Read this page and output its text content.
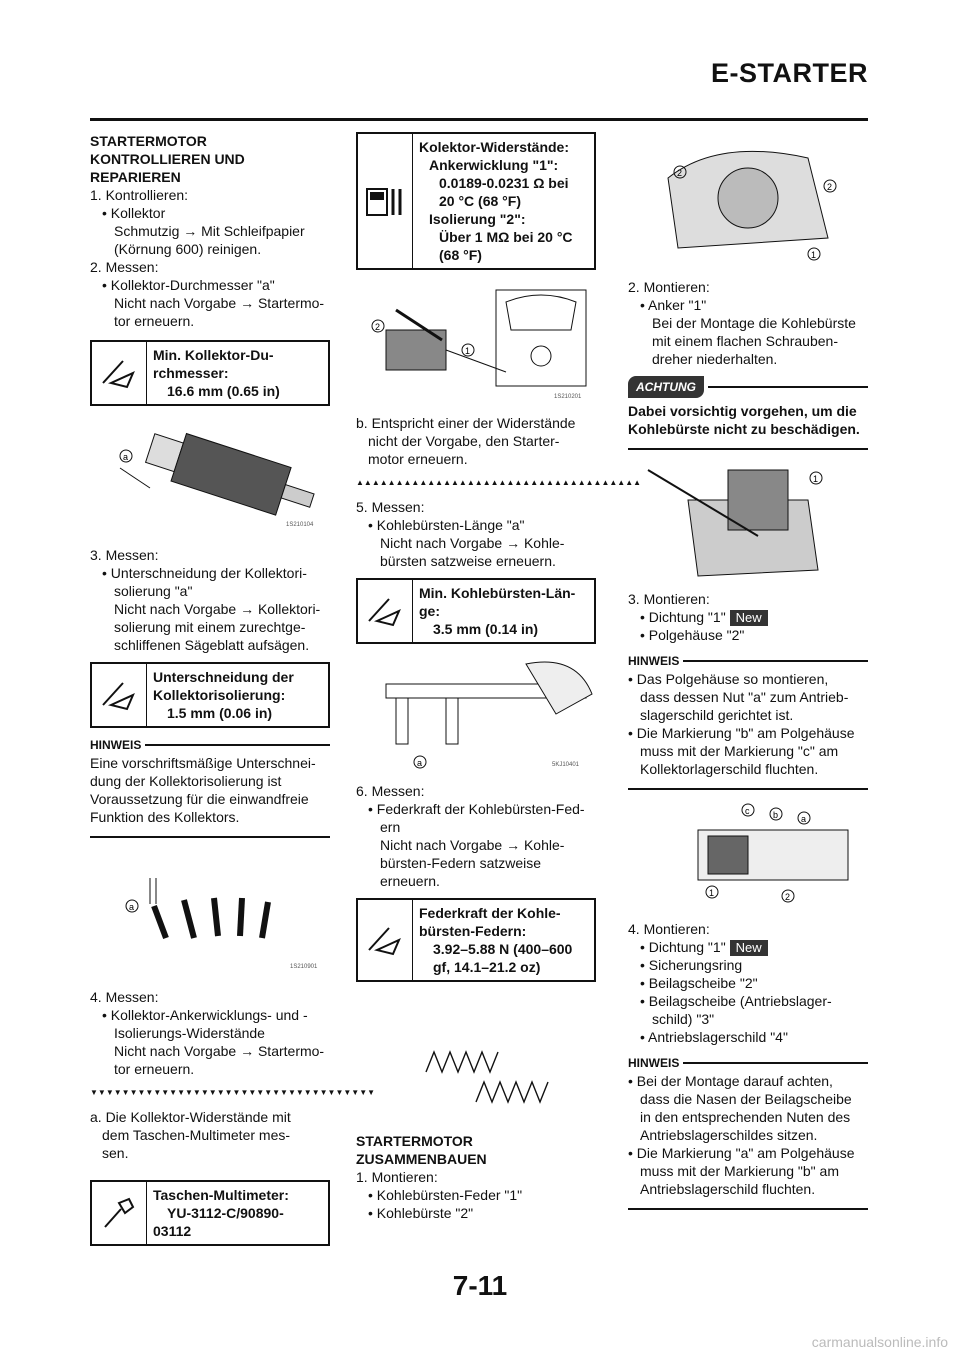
E-STARTER
STARTERMOTOR
KONTROLLIEREN UND
REPARIEREN
1. Kontrollieren:
• Kollektor
Schmutzig → Mit Schleifpapier
(Körnung 600) reinigen.
2. Messen:
• Kollektor-Durchmesser "a"
Nicht nach Vorgabe → Startermo-
tor erneuern.
Min. Kollektor-Du-
rchmesser:
16.6 mm (0.65 in)
a
1S210104
3. Messen:
• Unterschneidung der Kollektori-
solierung "a"
Nicht nach Vorgabe → Kollektori-
solierung mit einem zurechtge-
schliffenen Sägeblatt aufsägen.
Unterschneidung der
Kollektorisolierung:
1.5 mm (0.06 in)
HINWEIS
Eine vorschriftsmäßige Unterschnei-
dung der Kollektorisolierung ist
Voraussetzung für die einwandfreie
Funktion des Kollektors.
a
1S210901
4. Messen:
• Kollektor-Ankerwicklungs- und -
Isolierungs-Widerstände
Nicht nach Vorgabe → Startermo-
tor erneuern.
▼▼▼▼▼▼▼▼▼▼▼▼▼▼▼▼▼▼▼▼▼▼▼▼▼▼▼▼▼▼▼▼▼▼▼▼
a. Die Kollektor-Widerstände mit
dem Taschen-Multimeter mes-
sen.
Taschen-Multimeter:
YU-3112-C/90890-
03112
Kolektor-Widerstände:
Ankerwicklung "1":
0.0189-0.0231 Ω bei
20 °C (68 °F)
Isolierung "2":
Über 1 MΩ bei 20 °C
(68 °F)
2
1
1S210201
b. Entspricht einer der Widerstände
nicht der Vorgabe, den Starter-
motor erneuern.
▲▲▲▲▲▲▲▲▲▲▲▲▲▲▲▲▲▲▲▲▲▲▲▲▲▲▲▲▲▲▲▲▲▲▲▲
5. Messen:
• Kohlebürsten-Länge "a"
Nicht nach Vorgabe → Kohle-
bürsten satzweise erneuern.
Min. Kohlebürsten-Län-
ge:
3.5 mm (0.14 in)
a	5KJ10401
6. Messen:
• Federkraft der Kohlebürsten-Fed-
ern
Nicht nach Vorgabe → Kohle-
bürsten-Federn satzweise
erneuern.
Federkraft der Kohle-
bürsten-Federn:
3.92–5.88 N (400–600
gf, 14.1–21.2 oz)
STARTERMOTOR
ZUSAMMENBAUEN
1. Montieren:
• Kohlebürsten-Feder "1"
• Kohlebürste "2"
2
2
1
2. Montieren:
• Anker "1"
Bei der Montage die Kohlebürste
mit einem flachen Schrauben-
dreher niederhalten.
ACHTUNG
Dabei vorsichtig vorgehen, um die
Kohlebürste nicht zu beschädigen.
1
3. Montieren:
• Dichtung "1" New
• Polgehäuse "2"
HINWEIS
• Das Polgehäuse so montieren,
dass dessen Nut "a" zum Antrieb-
slagerschild gerichtet ist.
• Die Markierung "b" am Polgehäuse
muss mit der Markierung "c" am
Kollektorlagerschild fluchten.
c	b	a
1	2
4. Montieren:
• Dichtung "1" New
• Sicherungsring
• Beilagscheibe "2"
• Beilagscheibe (Antriebslager-
schild) "3"
• Antriebslagerschild "4"
HINWEIS
• Bei der Montage darauf achten,
dass die Nasen der Beilagscheibe
in den entsprechenden Nuten des
Antriebslagerschildes sitzen.
• Die Markierung "a" am Polgehäuse
muss mit der Markierung "b" am
Antriebslagerschild fluchten.
7-11
carmanualsonline.info
